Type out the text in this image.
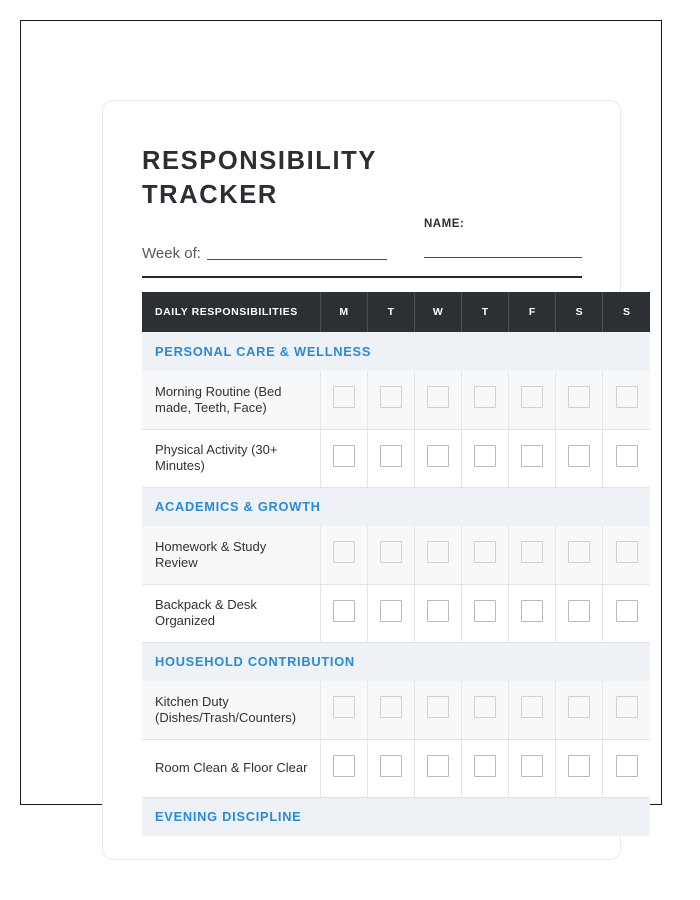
RESPONSIBILITY
TRACKER
Week of:
NAME:
DAILY RESPONSIBILITIES	M	T	W	T	F	S	S
PERSONAL CARE & WELLNESS							
Morning Routine (Bed made, Teeth, Face)							
Physical Activity (30+ Minutes)							
ACADEMICS & GROWTH							
Homework & Study Review							
Backpack & Desk Organized							
HOUSEHOLD CONTRIBUTION							
Kitchen Duty (Dishes/Trash/Counters)							
Room Clean & Floor Clear							
EVENING DISCIPLINE							
